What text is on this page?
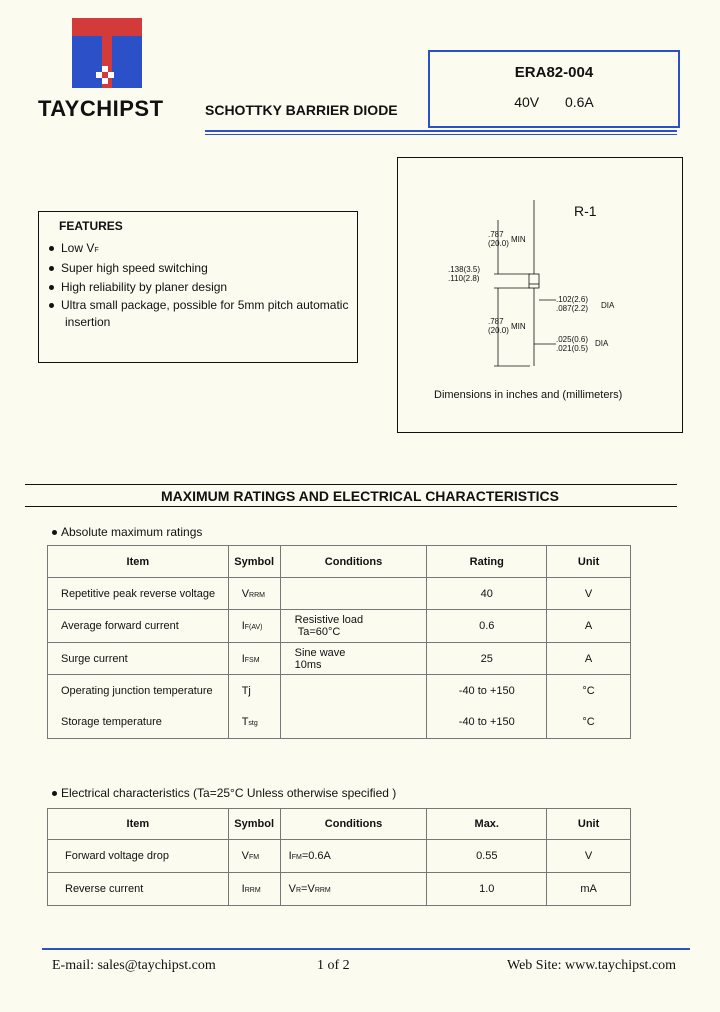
TAYCHIPST	SCHOTTKY BARRIER DIODE
ERA82-004
40V 0.6A
FEATURES
Low VF
Super high speed switching
High reliability by planer design
Ultra small package, possible for 5mm pitch automatic
insertion
R-1
.787
(20.0) MIN
.138(3.5)
.110(2.8)
.102(2.6)
.087(2.2) DIA
.787
(20.0) MIN
.025(0.6)
.021(0.5)
DIA
Dimensions in inches and (millimeters)
MAXIMUM RATINGS AND ELECTRICAL CHARACTERISTICS
Absolute maximum ratings
Item	Symbol	Conditions	Rating	Unit
Repetitive peak reverse voltage	VRRM		40	V
Average forward current	IF(AV)	Resistive load
Ta=60°C	0.6	A
Surge current	IFSM	Sine wave
10ms	25	A
Operating junction temperature	Tj		-40 to +150	°C
Storage temperature	Tstg		-40 to +150	°C
Electrical characteristics (Ta=25°C Unless otherwise specified )
Item	Symbol	Conditions	Max.	Unit
Forward voltage drop	VFM	IFM=0.6A	0.55	V
Reverse current	IRRM	VR=VRRM	1.0	mA
E-mail: sales@taychipst.com	1 of 2	Web Site: www.taychipst.com
